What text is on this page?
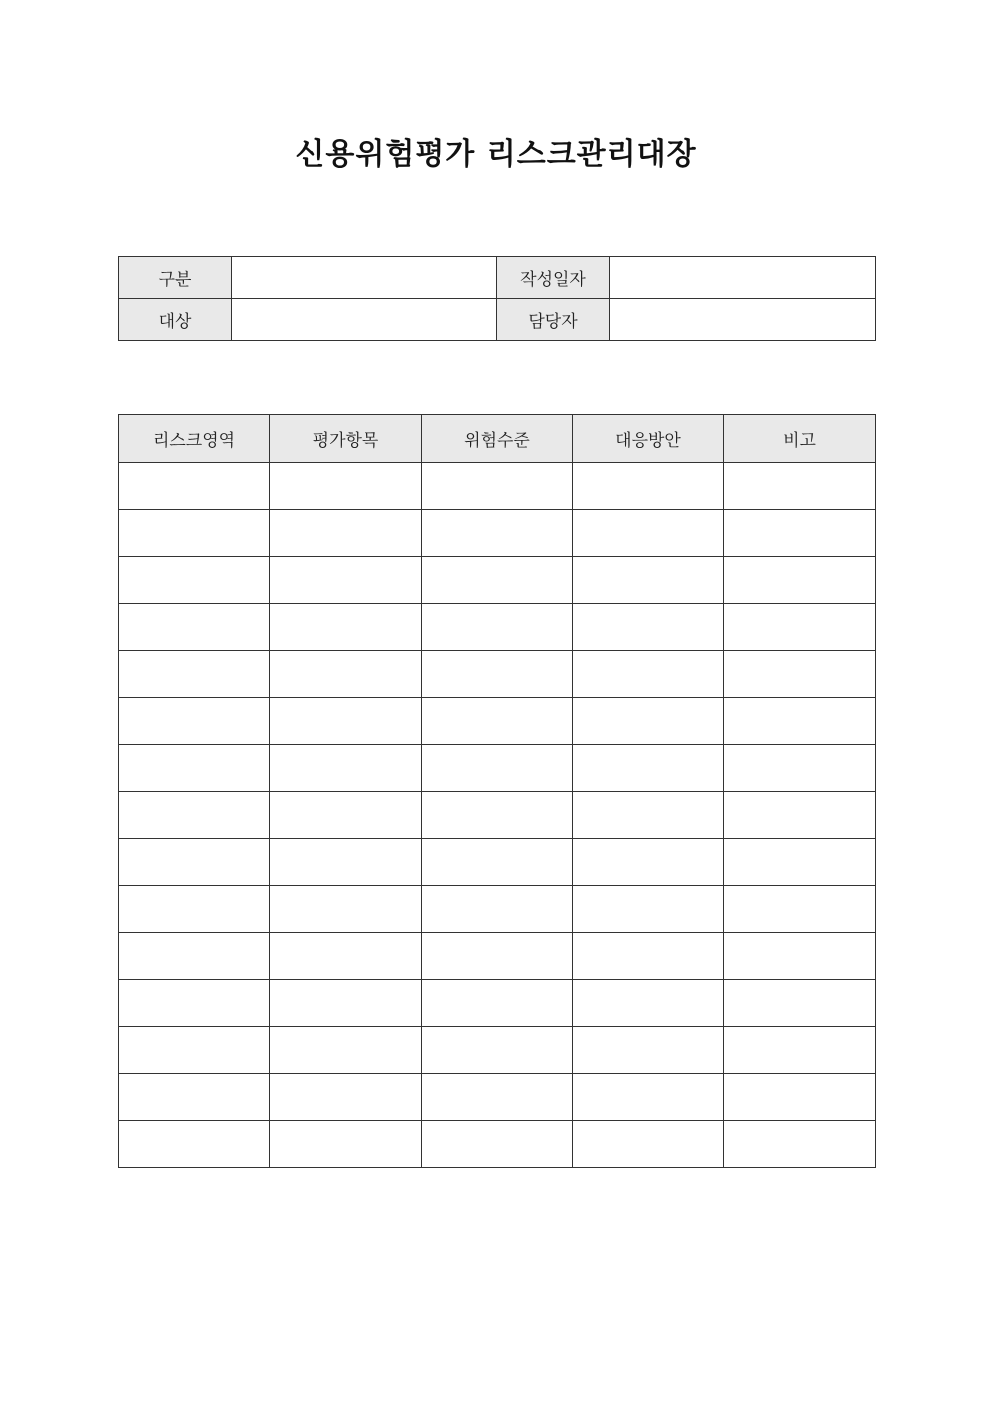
신용위험평가 리스크관리대장
구분		작성일자	
대상		담당자	
리스크영역	평가항목	위험수준	대응방안	비고
